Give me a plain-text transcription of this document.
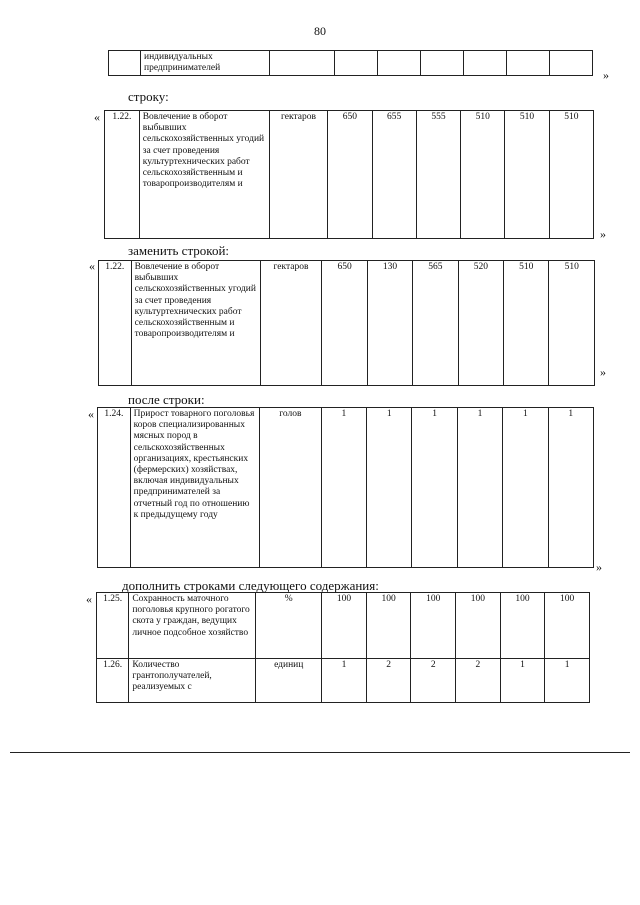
80
	индивидуальных предпринимателей								»
строку:
« 1.22.	Вовлечение в оборот выбывших сельскохозяйственных угодий за счет проведения культуртехнических работ сельскохозяйственным и товаропроизводителям и	гектаров	650	655	555	510	510	510
»
заменить строкой:
« 1.22.	Вовлечение в оборот выбывших сельскохозяйственных угодий за счет проведения культуртехнических работ сельскохозяйственным и товаропроизводителям и	гектаров	650	130	565	520	510	510
»
после строки:
« 1.24.	Прирост товарного поголовья коров специализированных мясных пород в сельскохозяйственных организациях, крестьянских (фермерских) хозяйствах, включая индивидуальных предпринимателей за отчетный год по отношению к предыдущему году	голов	1	1	1	1	1	1
»
дополнить строками следующего содержания:
« 1.25.	Сохранность маточного поголовья крупного рогатого скота у граждан, ведущих личное подсобное хозяйство	%	100	100	100	100	100	100
1.26.	Количество грантополучателей, реализуемых с	единиц	1	2	2	2	1	1
